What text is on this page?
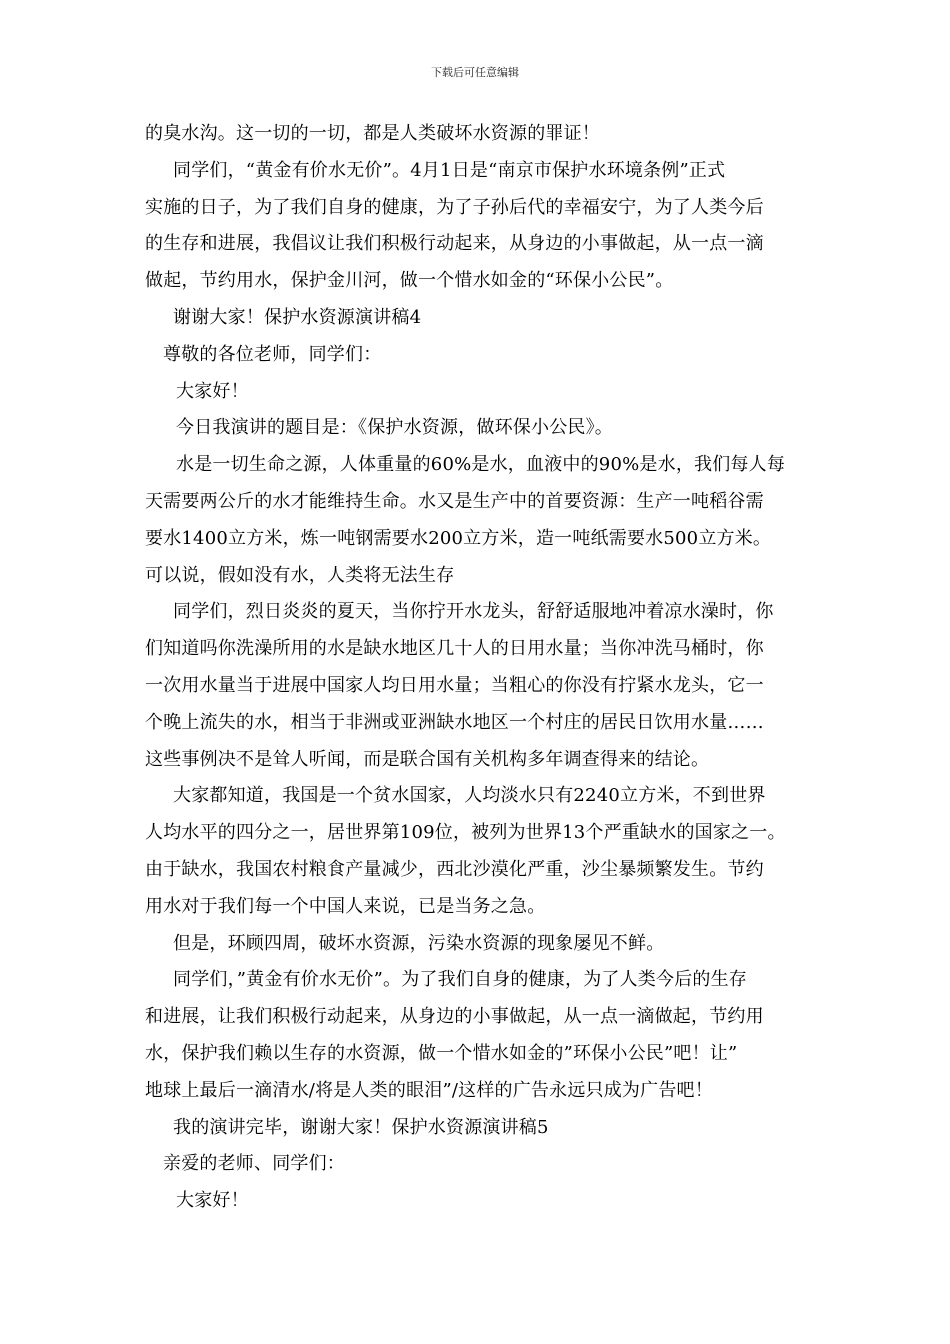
下载后可任意编辑
的臭水沟。这一切的一切，都是人类破坏水资源的罪证！
同学们，“黄金有价水无价”。4月1日是“南京市保护水环境条例”正式
实施的日子，为了我们自身的健康，为了子孙后代的幸福安宁，为了人类今后
的生存和进展，我倡议让我们积极行动起来，从身边的小事做起，从一点一滴
做起，节约用水，保护金川河，做一个惜水如金的“环保小公民”。
谢谢大家！保护水资源演讲稿4
尊敬的各位老师，同学们：
大家好！
今日我演讲的题目是：《保护水资源，做环保小公民》。
水是一切生命之源，人体重量的60%是水，血液中的90%是水，我们每人每
天需要两公斤的水才能维持生命。水又是生产中的首要资源：生产一吨稻谷需
要水1400立方米，炼一吨钢需要水200立方米，造一吨纸需要水500立方米。
可以说，假如没有水，人类将无法生存
同学们，烈日炎炎的夏天，当你拧开水龙头，舒舒适服地冲着凉水澡时，你
们知道吗你洗澡所用的水是缺水地区几十人的日用水量；当你冲洗马桶时，你
一次用水量当于进展中国家人均日用水量；当粗心的你没有拧紧水龙头，它一
个晚上流失的水，相当于非洲或亚洲缺水地区一个村庄的居民日饮用水量……
这些事例决不是耸人听闻，而是联合国有关机构多年调查得来的结论。
大家都知道，我国是一个贫水国家，人均淡水只有2240立方米，不到世界
人均水平的四分之一，居世界第109位，被列为世界13个严重缺水的国家之一。
由于缺水，我国农村粮食产量减少，西北沙漠化严重，沙尘暴频繁发生。节约
用水对于我们每一个中国人来说，已是当务之急。
但是，环顾四周，破坏水资源，污染水资源的现象屡见不鲜。
同学们，”黄金有价水无价”。为了我们自身的健康，为了人类今后的生存
和进展，让我们积极行动起来，从身边的小事做起，从一点一滴做起，节约用
水，保护我们赖以生存的水资源，做一个惜水如金的”环保小公民”吧！让”
地球上最后一滴清水/将是人类的眼泪”/这样的广告永远只成为广告吧！
我的演讲完毕，谢谢大家！保护水资源演讲稿5
亲爱的老师、同学们：
大家好！
